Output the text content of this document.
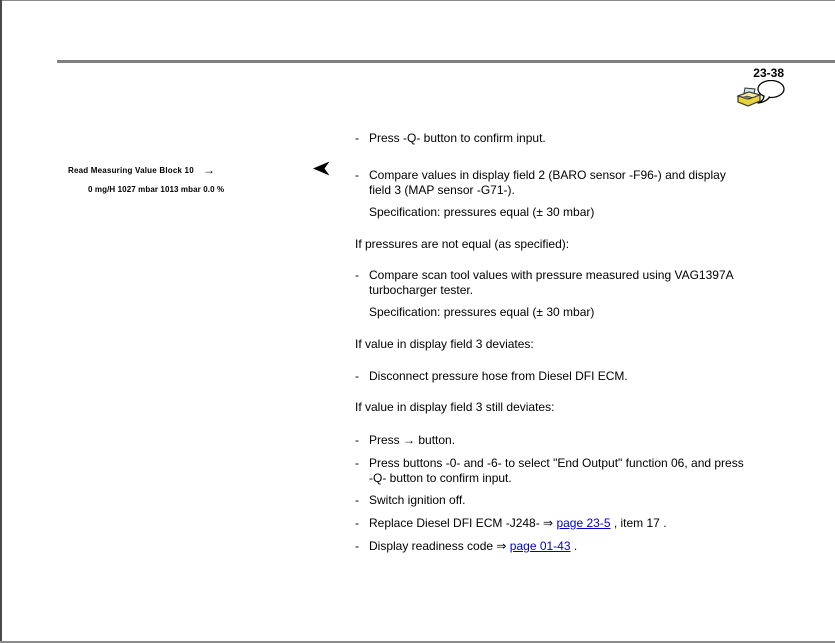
23-38
Read Measuring Value Block 10 →
0 mg/H 1027 mbar 1013 mbar 0.0 %
- Press -Q- button to confirm input.
- Compare values in display field 2 (BARO sensor -F96-) and display
field 3 (MAP sensor -G71-).
Specification: pressures equal (± 30 mbar)
If pressures are not equal (as specified):
- Compare scan tool values with pressure measured using VAG1397A
turbocharger tester.
Specification: pressures equal (± 30 mbar)
If value in display field 3 deviates:
- Disconnect pressure hose from Diesel DFI ECM.
If value in display field 3 still deviates:
- Press → button.
- Press buttons -0- and -6- to select "End Output" function 06, and press
-Q- button to confirm input.
- Switch ignition off.
- Replace Diesel DFI ECM -J248- ⇒ page 23-5 , item 17 .
- Display readiness code ⇒ page 01-43 .
